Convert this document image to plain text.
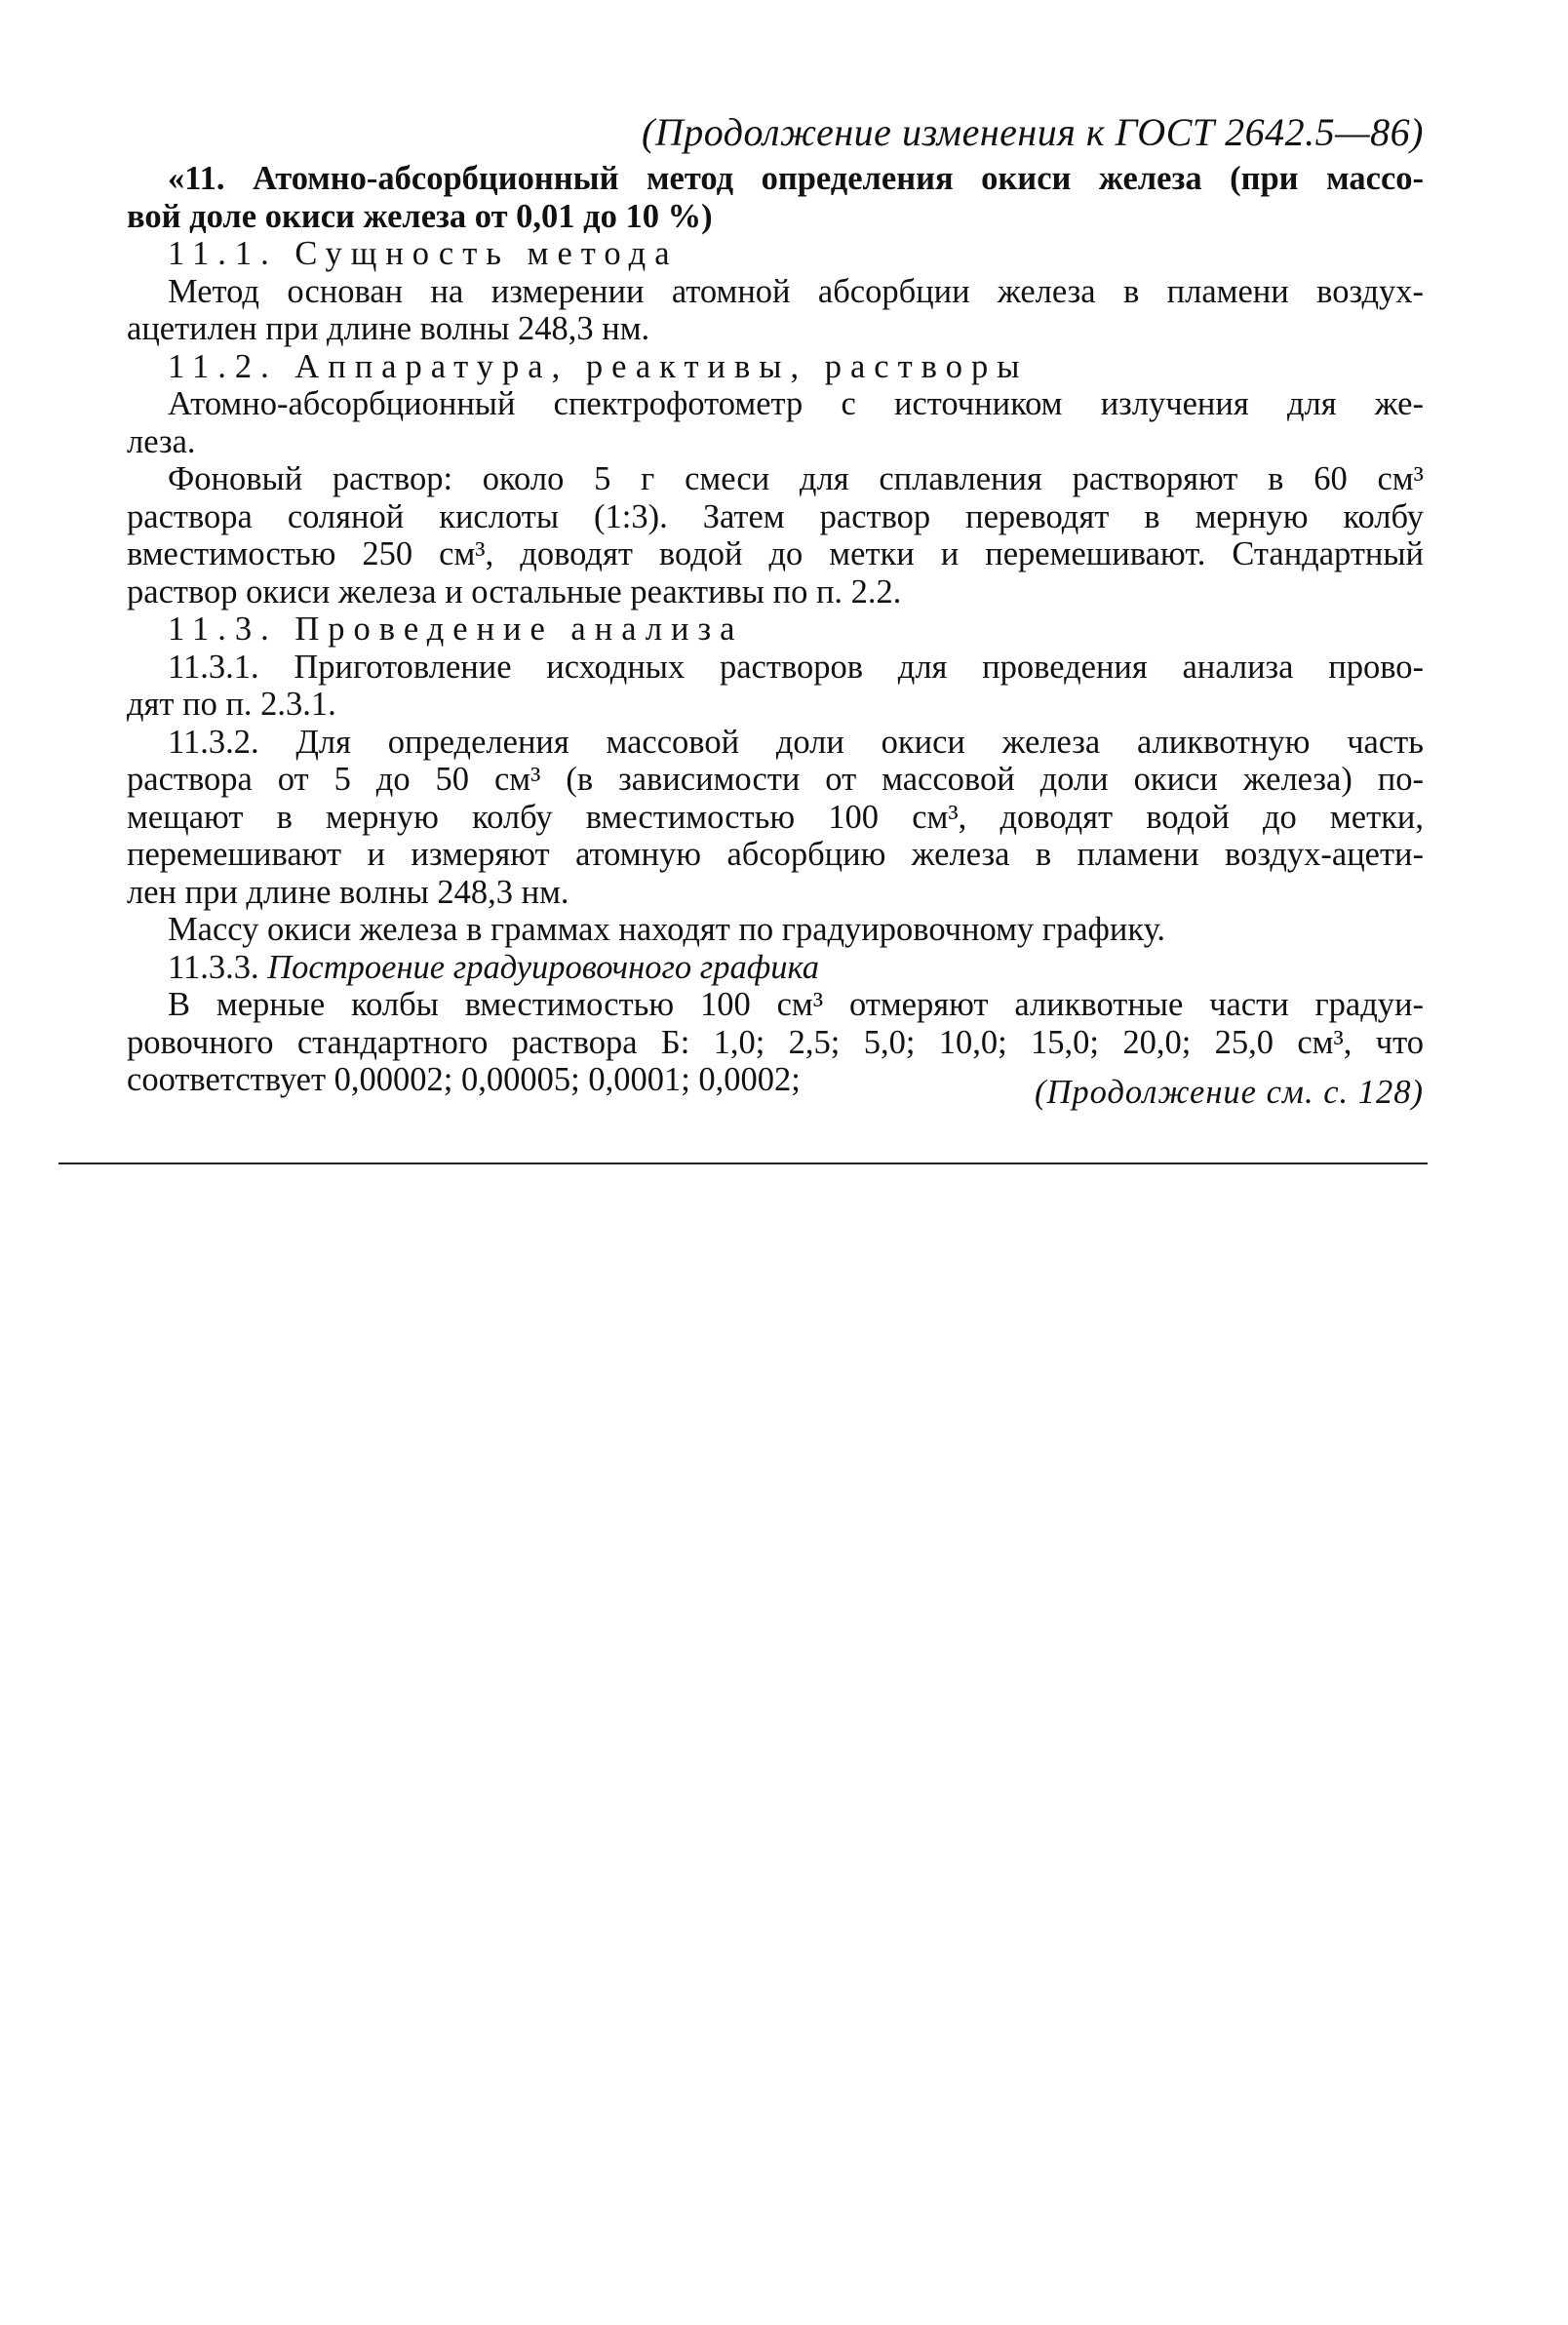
(Продолжение изменения к ГОСТ 2642.5—86)
«11. Атомно-абсорбционный метод определения окиси железа (при массо-
вой доле окиси железа от 0,01 до 10 %)
11.1. Сущность метода
Метод основан на измерении атомной абсорбции железа в пламени воздух-
ацетилен при длине волны 248,3 нм.
11.2. Аппаратура, реактивы, растворы
Атомно-абсорбционный спектрофотометр с источником излучения для же-
леза.
Фоновый раствор: около 5 г смеси для сплавления растворяют в 60 см³
раствора соляной кислоты (1:3). Затем раствор переводят в мерную колбу
вместимостью 250 см³, доводят водой до метки и перемешивают. Стандартный
раствор окиси железа и остальные реактивы по п. 2.2.
11.3. Проведение анализа
11.3.1. Приготовление исходных растворов для проведения анализа прово-
дят по п. 2.3.1.
11.3.2. Для определения массовой доли окиси железа аликвотную часть
раствора от 5 до 50 см³ (в зависимости от массовой доли окиси железа) по-
мещают в мерную колбу вместимостью 100 см³, доводят водой до метки,
перемешивают и измеряют атомную абсорбцию железа в пламени воздух-ацети-
лен при длине волны 248,3 нм.
Массу окиси железа в граммах находят по градуировочному графику.
11.3.3. Построение градуировочного графика
В мерные колбы вместимостью 100 см³ отмеряют аликвотные части градуи-
ровочного стандартного раствора Б: 1,0; 2,5; 5,0; 10,0; 15,0; 20,0; 25,0 см³, что
соответствует 0,00002; 0,00005; 0,0001; 0,0002;	(Продолжение см. с. 128)
